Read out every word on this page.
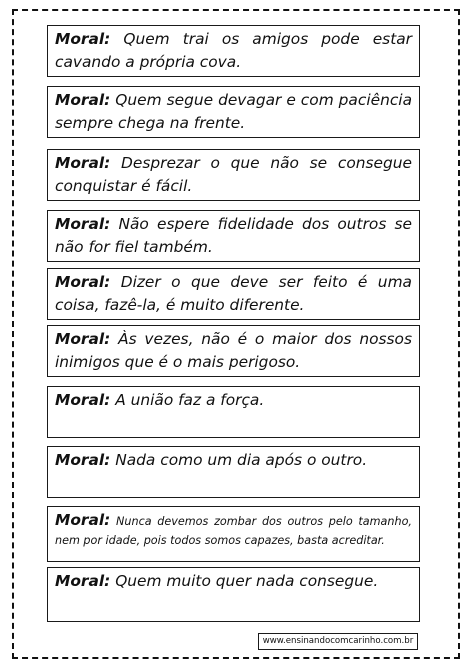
Moral: Quem trai os amigos pode estar cavando a própria cova.
Moral: Quem segue devagar e com paciência sempre chega na frente.
Moral: Desprezar o que não se consegue conquistar é fácil.
Moral: Não espere fidelidade dos outros se não for fiel também.
Moral: Dizer o que deve ser feito é uma coisa, fazê-la, é muito diferente.
Moral: Às vezes, não é o maior dos nossos inimigos que é o mais perigoso.
Moral: A união faz a força.
Moral: Nada como um dia após o outro.
Moral: Nunca devemos zombar dos outros pelo tamanho, nem por idade, pois todos somos capazes, basta acreditar.
Moral: Quem muito quer nada consegue.
www.ensinandocomcarinho.com.br
